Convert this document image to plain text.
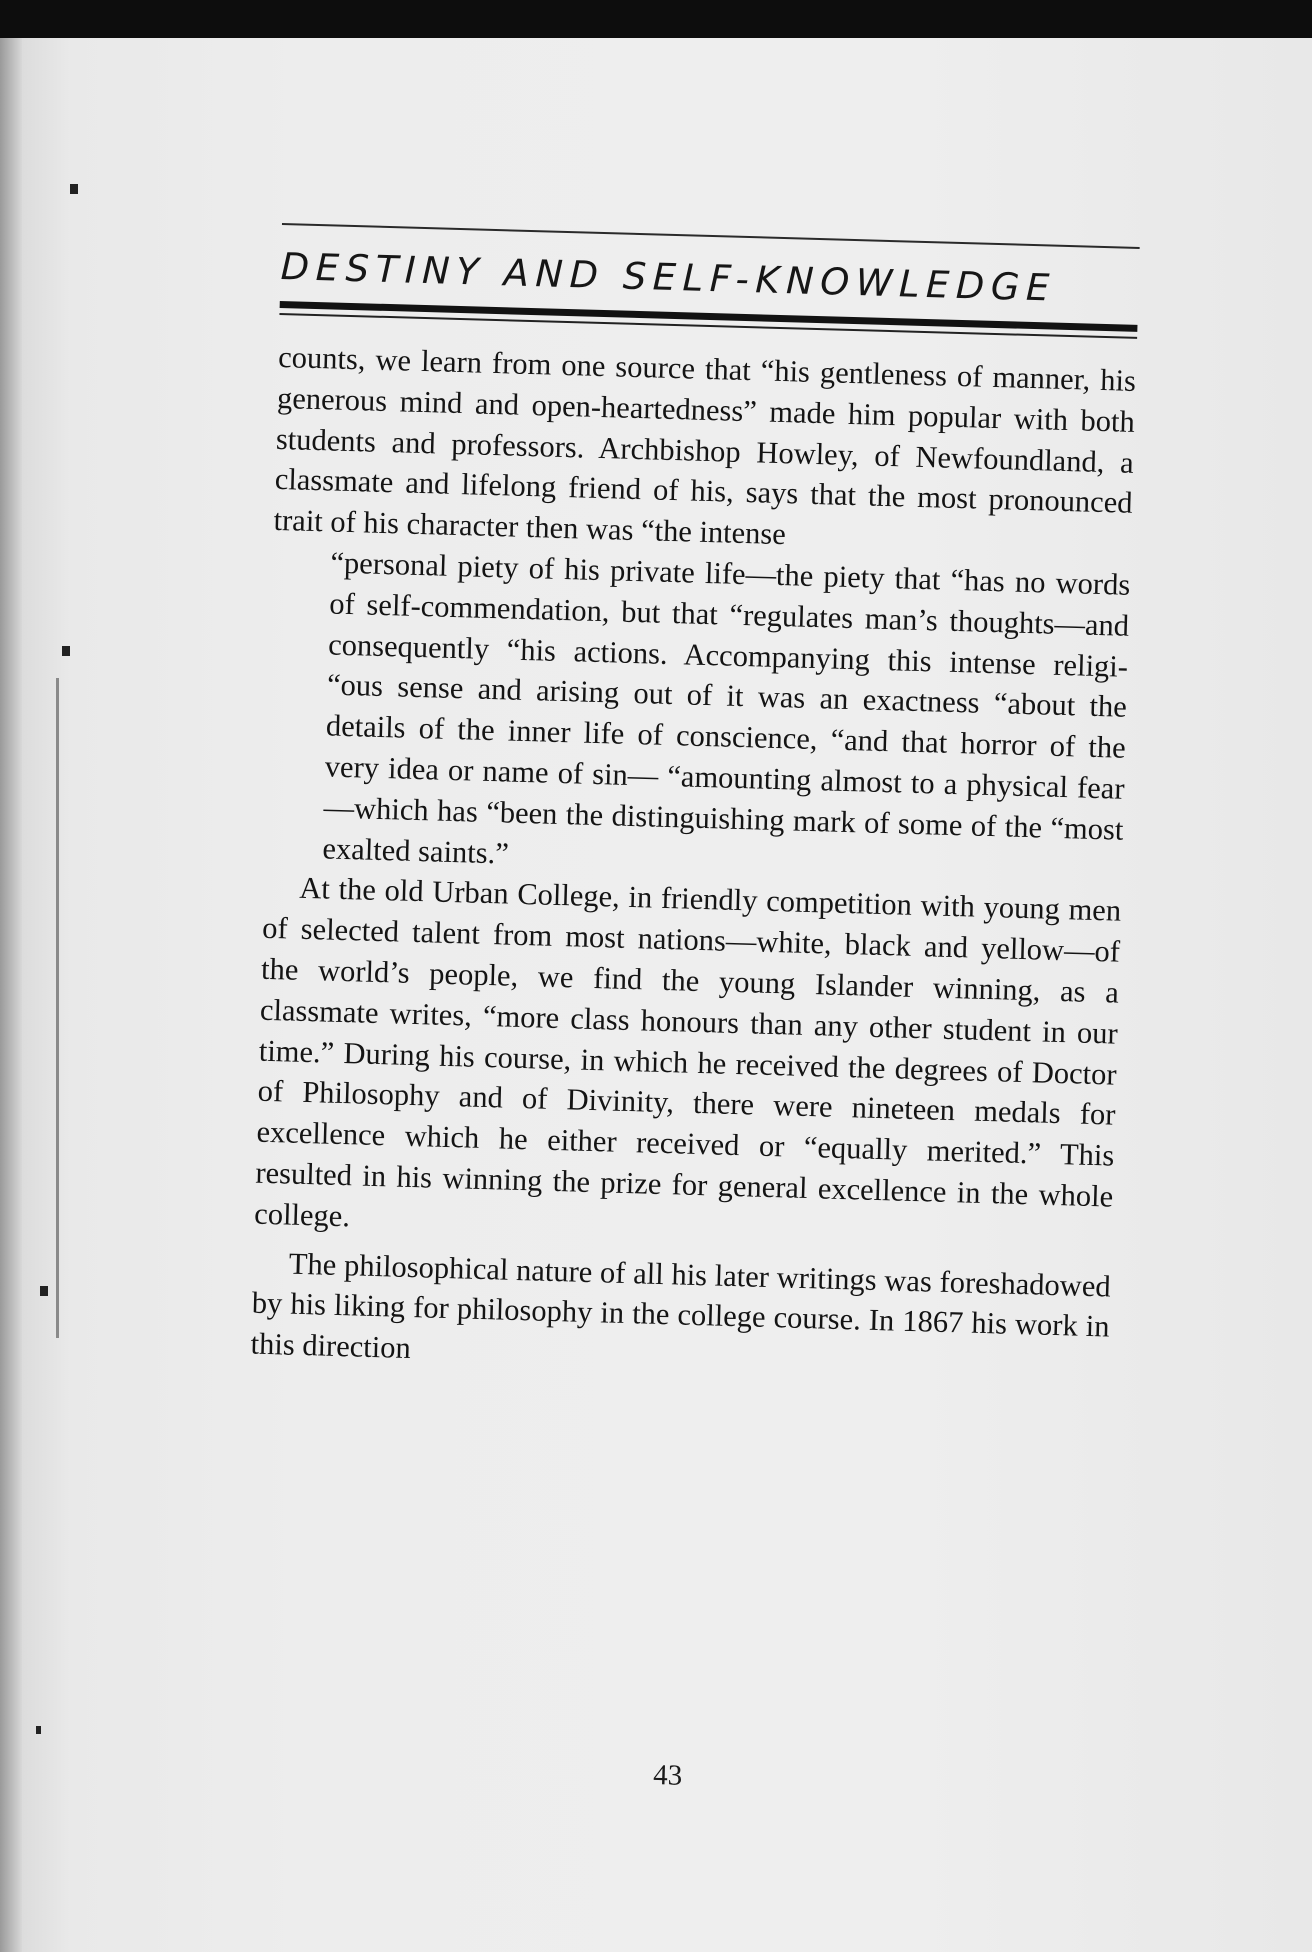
DESTINY AND SELF-KNOWLEDGE

counts, we learn from one source that “his gentleness of manner, his generous mind and open-heartedness” made him popular with both students and professors. Archbishop Howley, of Newfoundland, a classmate and lifelong friend of his, says that the most pronounced trait of his character then was “the intense

“personal piety of his private life—the piety that “has no words of self-commendation, but that “regulates man’s thoughts—and consequently “his actions. Accompanying this intense religi- “ous sense and arising out of it was an exactness “about the details of the inner life of conscience, “and that horror of the very idea or name of sin— “amounting almost to a physical fear—which has “been the distinguishing mark of some of the “most exalted saints.”

At the old Urban College, in friendly competition with young men of selected talent from most nations—white, black and yellow—of the world’s people, we find the young Islander winning, as a classmate writes, “more class honours than any other student in our time.” During his course, in which he received the degrees of Doctor of Philosophy and of Divinity, there were nineteen medals for excellence which he either received or “equally merited.” This resulted in his winning the prize for general excellence in the whole college.

The philosophical nature of all his later writings was foreshadowed by his liking for philosophy in the college course. In 1867 his work in this direction

43
